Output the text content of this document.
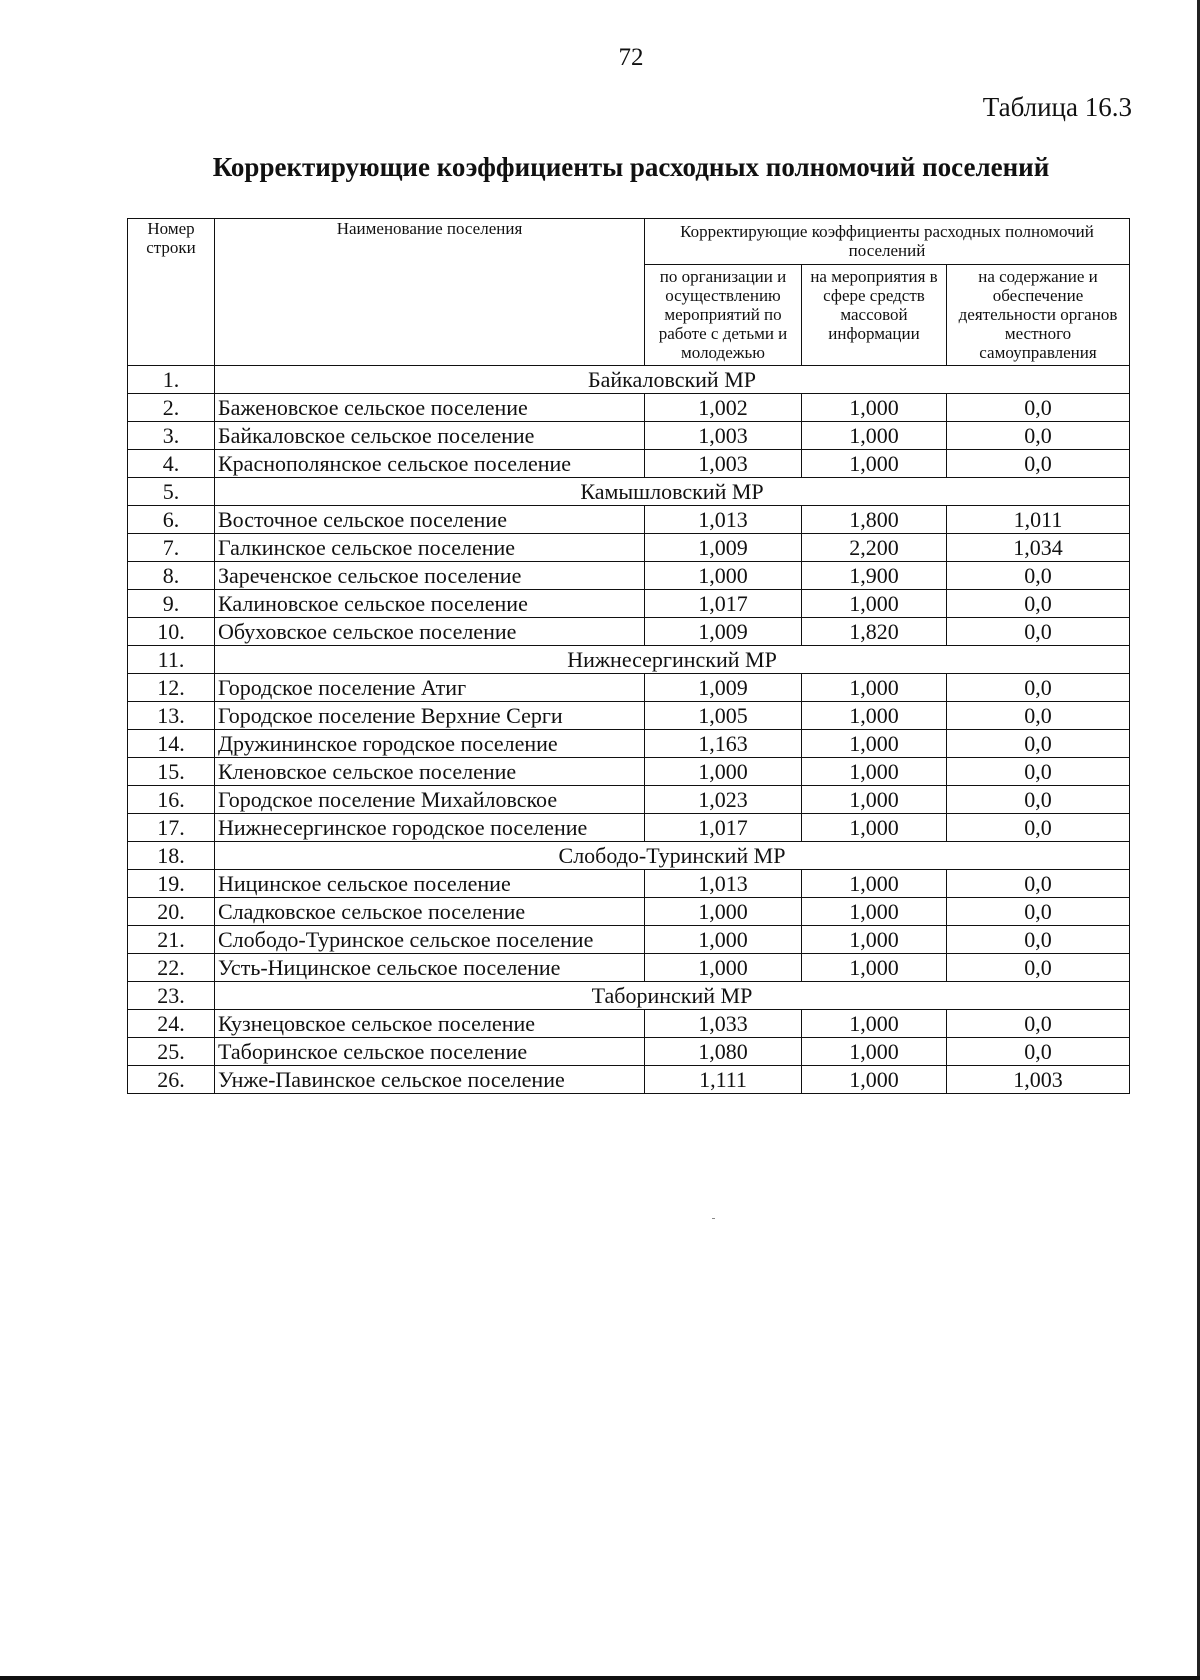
72
Таблица 16.3
Корректирующие коэффициенты расходных полномочий поселений
Номер строки	Наименование поселения	Корректирующие коэффициенты расходных полномочий поселений		
		по организации и осуществлению мероприятий по работе с детьми и молодежью	на мероприятия в сфере средств массовой информации	на содержание и обеспечение деятельности органов местного самоуправления
1.	Байкаловский МР			
2.	Баженовское сельское поселение	1,002	1,000	0,0
3.	Байкаловское сельское поселение	1,003	1,000	0,0
4.	Краснополянское сельское поселение	1,003	1,000	0,0
5.	Камышловский МР			
6.	Восточное сельское поселение	1,013	1,800	1,011
7.	Галкинское сельское поселение	1,009	2,200	1,034
8.	Зареченское сельское поселение	1,000	1,900	0,0
9.	Калиновское сельское поселение	1,017	1,000	0,0
10.	Обуховское сельское поселение	1,009	1,820	0,0
11.	Нижнесергинский МР			
12.	Городское поселение Атиг	1,009	1,000	0,0
13.	Городское поселение Верхние Серги	1,005	1,000	0,0
14.	Дружининское городское поселение	1,163	1,000	0,0
15.	Кленовское сельское поселение	1,000	1,000	0,0
16.	Городское поселение Михайловское	1,023	1,000	0,0
17.	Нижнесергинское городское поселение	1,017	1,000	0,0
18.	Слободо-Туринский МР			
19.	Ницинское сельское поселение	1,013	1,000	0,0
20.	Сладковское сельское поселение	1,000	1,000	0,0
21.	Слободо-Туринское сельское поселение	1,000	1,000	0,0
22.	Усть-Ницинское сельское поселение	1,000	1,000	0,0
23.	Таборинский МР			
24.	Кузнецовское сельское поселение	1,033	1,000	0,0
25.	Таборинское сельское поселение	1,080	1,000	0,0
26.	Унже-Павинское сельское поселение	1,111	1,000	1,003
